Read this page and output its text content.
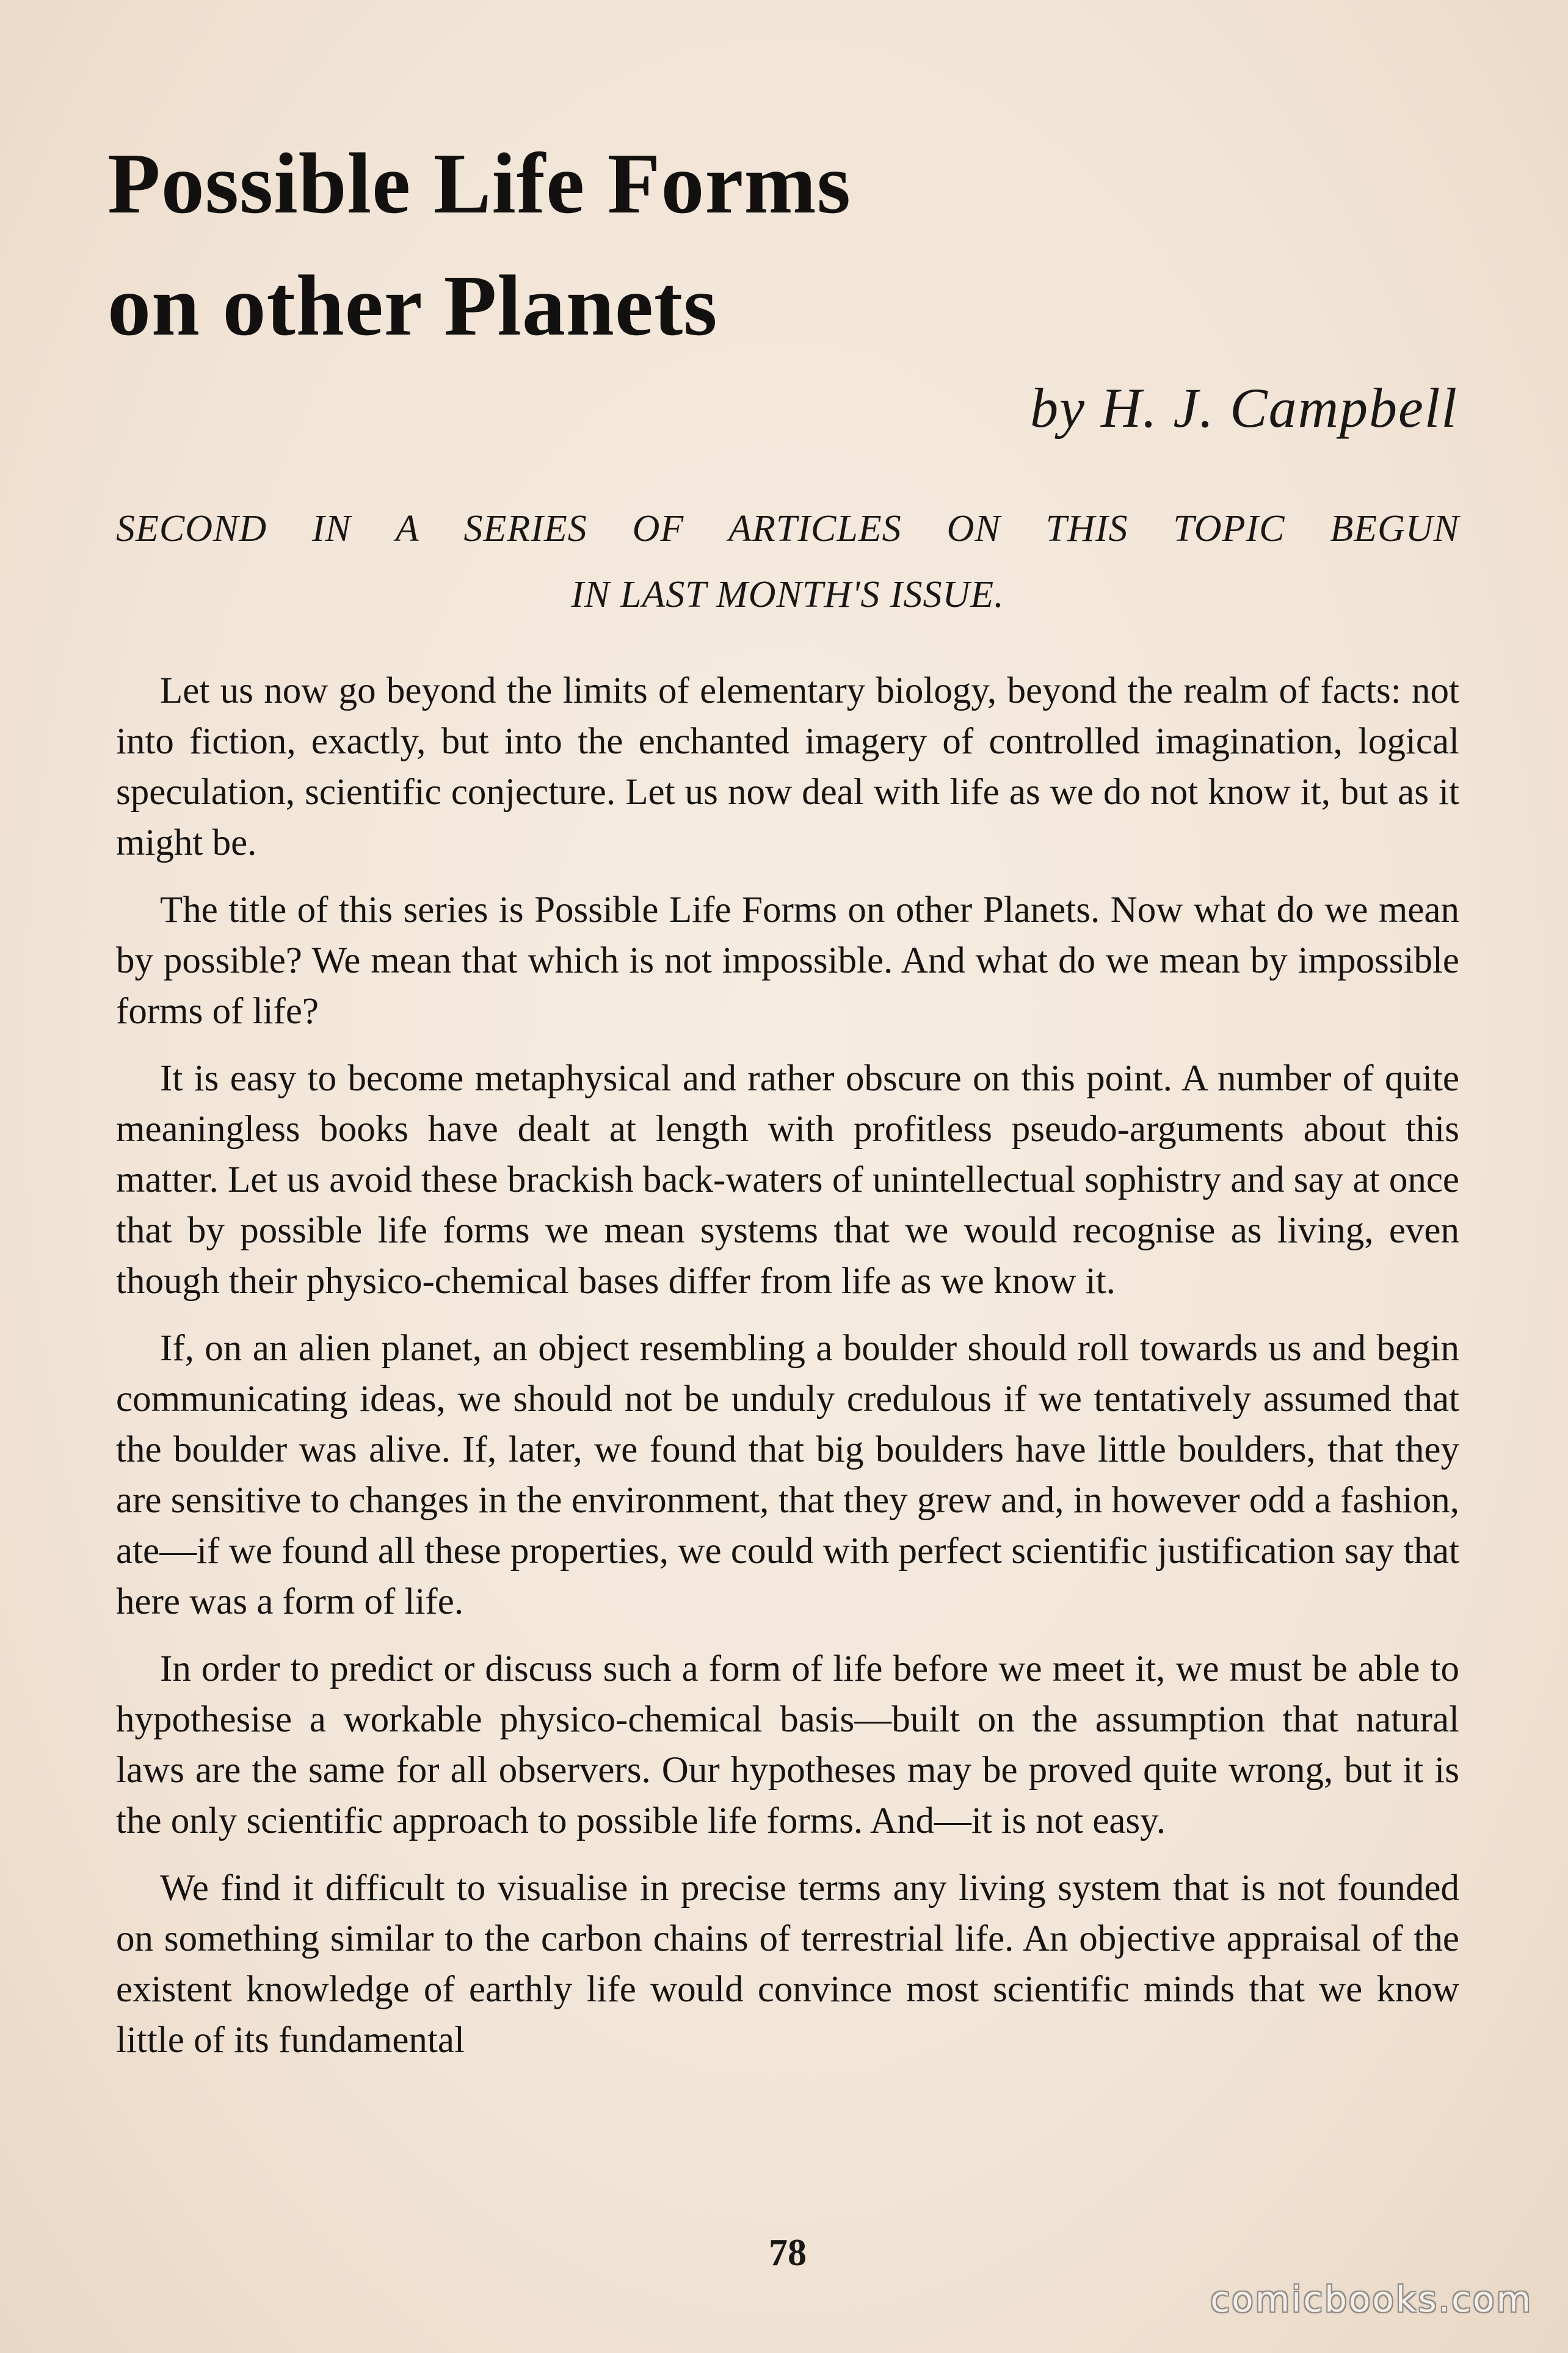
Possible Life Forms
on other Planets

by H. J. Campbell

SECOND IN A SERIES OF ARTICLES ON THIS TOPIC BEGUN
IN LAST MONTH'S ISSUE.

Let us now go beyond the limits of elementary biology, beyond the realm of facts: not into fiction, exactly, but into the enchanted imagery of controlled imagination, logical speculation, scientific conjecture. Let us now deal with life as we do not know it, but as it might be.

The title of this series is Possible Life Forms on other Planets. Now what do we mean by possible? We mean that which is not impossible. And what do we mean by impossible forms of life?

It is easy to become metaphysical and rather obscure on this point. A number of quite meaningless books have dealt at length with profitless pseudo-arguments about this matter. Let us avoid these brackish back-waters of unintellectual sophistry and say at once that by possible life forms we mean systems that we would recognise as living, even though their physico-chemical bases differ from life as we know it.

If, on an alien planet, an object resembling a boulder should roll towards us and begin communicating ideas, we should not be unduly credulous if we tentatively assumed that the boulder was alive. If, later, we found that big boulders have little boulders, that they are sensitive to changes in the environment, that they grew and, in however odd a fashion, ate—if we found all these properties, we could with perfect scientific justification say that here was a form of life.

In order to predict or discuss such a form of life before we meet it, we must be able to hypothesise a workable physico-chemical basis—built on the assumption that natural laws are the same for all observers. Our hypotheses may be proved quite wrong, but it is the only scientific approach to possible life forms. And—it is not easy.

We find it difficult to visualise in precise terms any living system that is not founded on something similar to the carbon chains of terrestrial life. An objective appraisal of the existent knowledge of earthly life would convince most scientific minds that we know little of its fundamental

78
comicbooks.com
